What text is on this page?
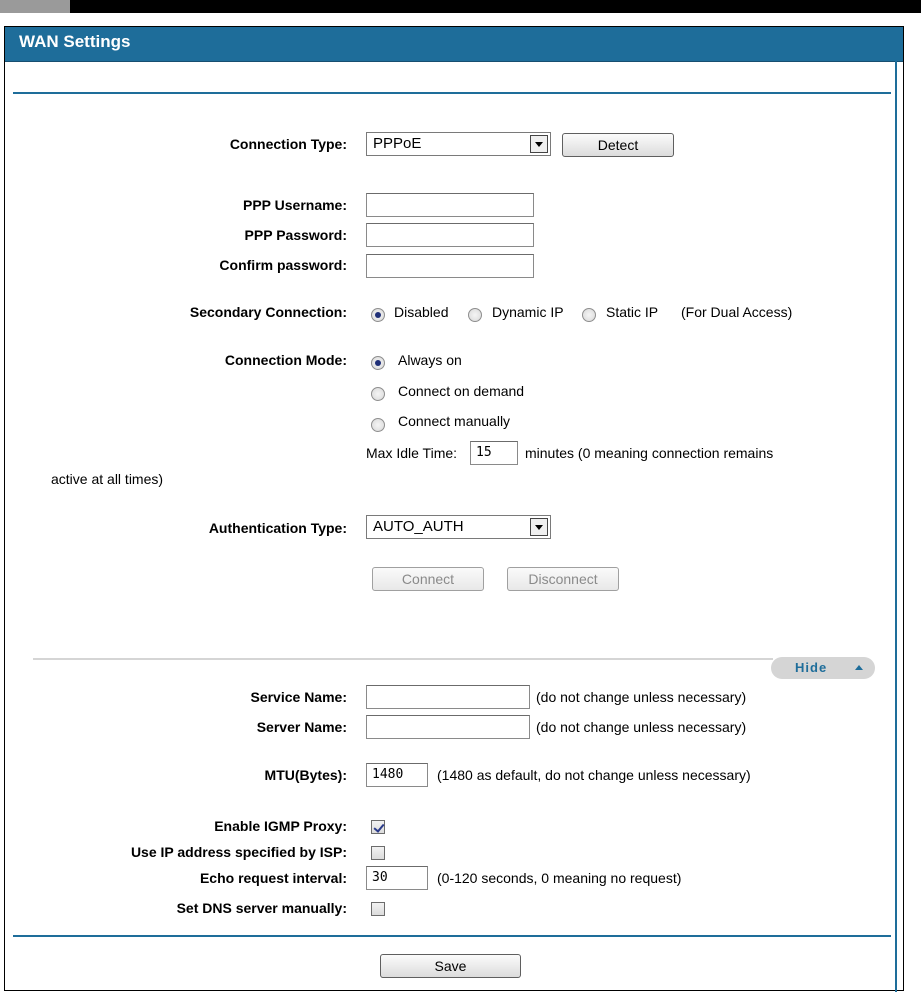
WAN Settings
Connection Type:	PPPoE	Detect
PPP Username:
PPP Password:
Confirm password:
Secondary Connection:	Disabled	Dynamic IP	Static IP (For Dual Access)
Connection Mode:	Always on
Connect on demand
Connect manually
Max Idle Time:	15	minutes (0 meaning connection remains
active at all times)
Authentication Type:	AUTO_AUTH
Connect	Disconnect
Hide
Service Name:	(do not change unless necessary)
Server Name:	(do not change unless necessary)
MTU(Bytes):	1480	(1480 as default, do not change unless necessary)
Enable IGMP Proxy:
Use IP address specified by ISP:
Echo request interval:	30	(0-120 seconds, 0 meaning no request)
Set DNS server manually:
Save
